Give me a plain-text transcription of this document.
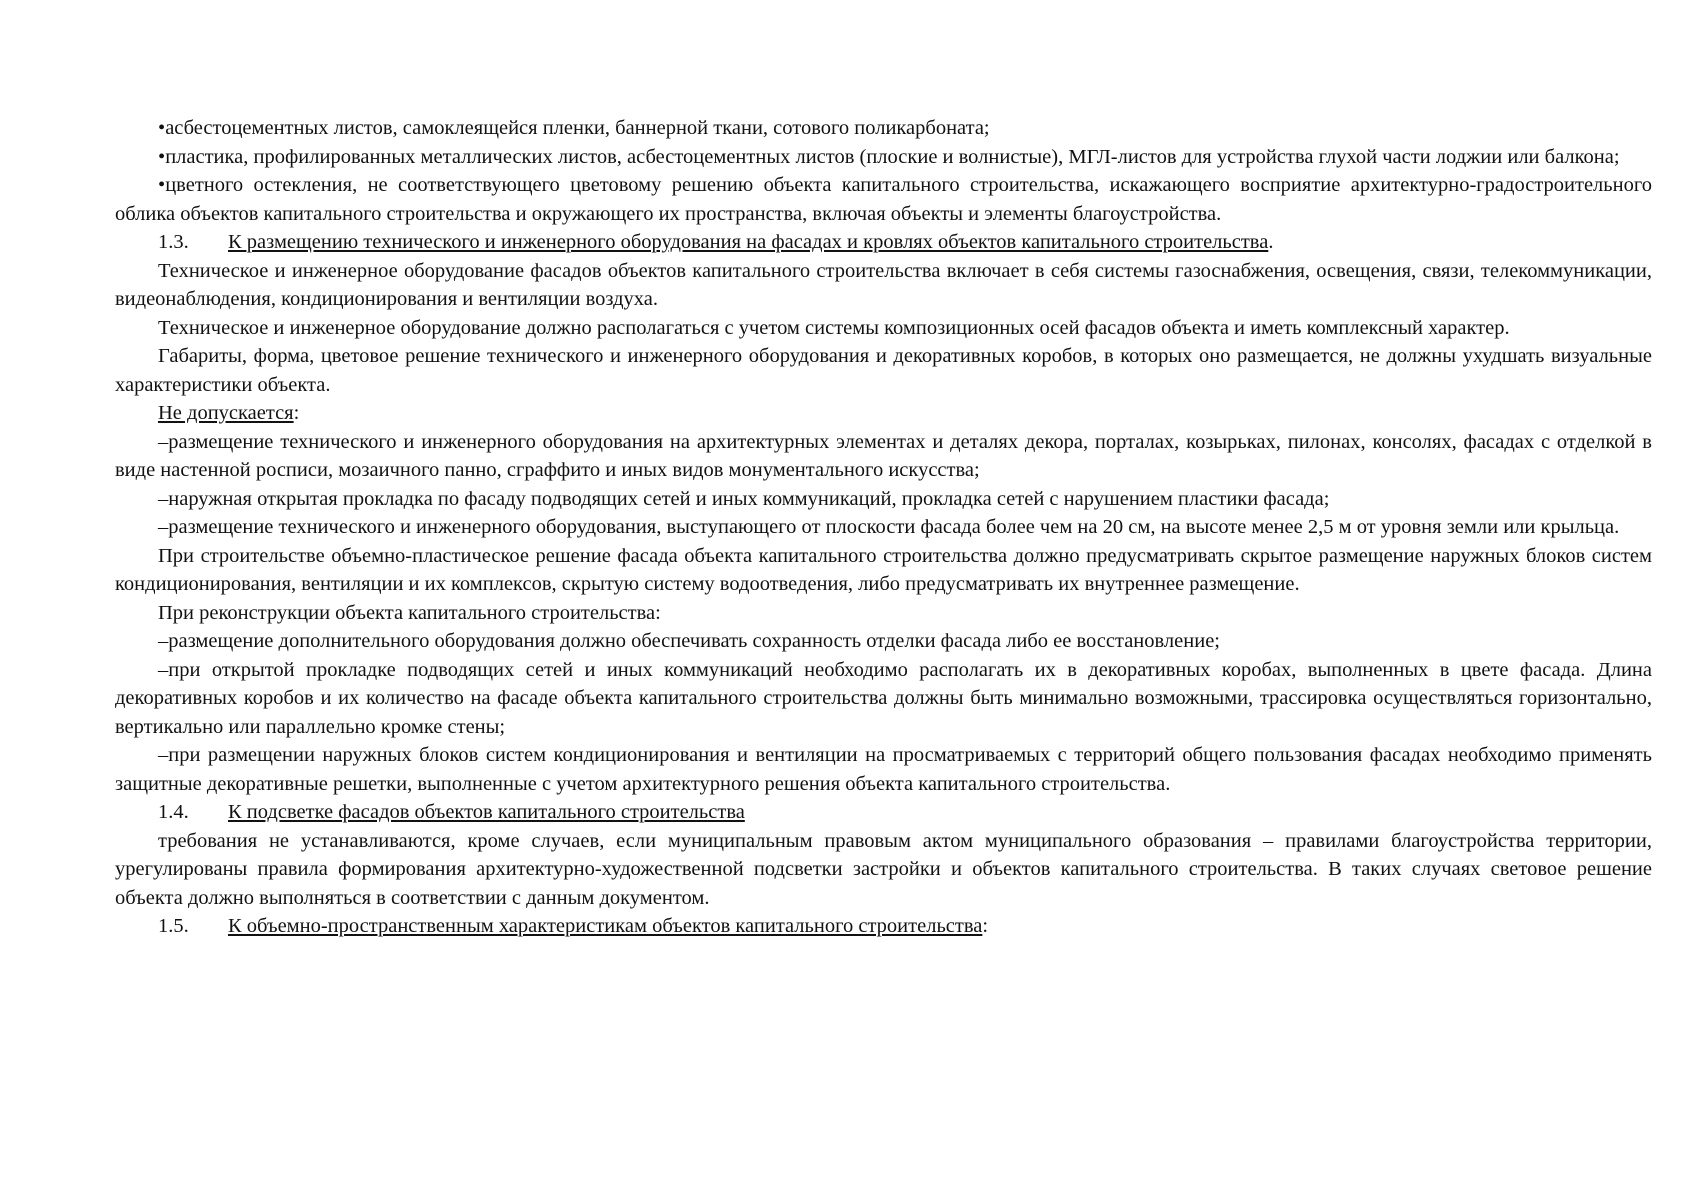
•асбестоцементных листов, самоклеящейся пленки, баннерной ткани, сотового поликарбоната;

•пластика, профилированных металлических листов, асбестоцементных листов (плоские и волнистые), МГЛ-листов для устройства глухой части лоджии или балкона;

•цветного остекления, не соответствующего цветовому решению объекта капитального строительства, искажающего восприятие архитектурно-градостроительного облика объектов капитального строительства и окружающего их пространства, включая объекты и элементы благоустройства.

1.3. К размещению технического и инженерного оборудования на фасадах и кровлях объектов капитального строительства.

Техническое и инженерное оборудование фасадов объектов капитального строительства включает в себя системы газоснабжения, освещения, связи, телекоммуникации, видеонаблюдения, кондиционирования и вентиляции воздуха.

Техническое и инженерное оборудование должно располагаться с учетом системы композиционных осей фасадов объекта и иметь комплексный характер.

Габариты, форма, цветовое решение технического и инженерного оборудования и декоративных коробов, в которых оно размещается, не должны ухудшать визуальные характеристики объекта.

Не допускается:

–размещение технического и инженерного оборудования на архитектурных элементах и деталях декора, порталах, козырьках, пилонах, консолях, фасадах с отделкой в виде настенной росписи, мозаичного панно, сграффито и иных видов монументального искусства;

–наружная открытая прокладка по фасаду подводящих сетей и иных коммуникаций, прокладка сетей с нарушением пластики фасада;

–размещение технического и инженерного оборудования, выступающего от плоскости фасада более чем на 20 см, на высоте менее 2,5 м от уровня земли или крыльца.

При строительстве объемно-пластическое решение фасада объекта капитального строительства должно предусматривать скрытое размещение наружных блоков систем кондиционирования, вентиляции и их комплексов, скрытую систему водоотведения, либо предусматривать их внутреннее размещение.

При реконструкции объекта капитального строительства:

–размещение дополнительного оборудования должно обеспечивать сохранность отделки фасада либо ее восстановление;

–при открытой прокладке подводящих сетей и иных коммуникаций необходимо располагать их в декоративных коробах, выполненных в цвете фасада. Длина декоративных коробов и их количество на фасаде объекта капитального строительства должны быть минимально возможными, трассировка осуществляться горизонтально, вертикально или параллельно кромке стены;

–при размещении наружных блоков систем кондиционирования и вентиляции на просматриваемых с территорий общего пользования фасадах необходимо применять защитные декоративные решетки, выполненные с учетом архитектурного решения объекта капитального строительства.

1.4. К подсветке фасадов объектов капитального строительства

требования не устанавливаются, кроме случаев, если муниципальным правовым актом муниципального образования – правилами благоустройства территории, урегулированы правила формирования архитектурно-художественной подсветки застройки и объектов капитального строительства. В таких случаях световое решение объекта должно выполняться в соответствии с данным документом.

1.5. К объемно-пространственным характеристикам объектов капитального строительства:
